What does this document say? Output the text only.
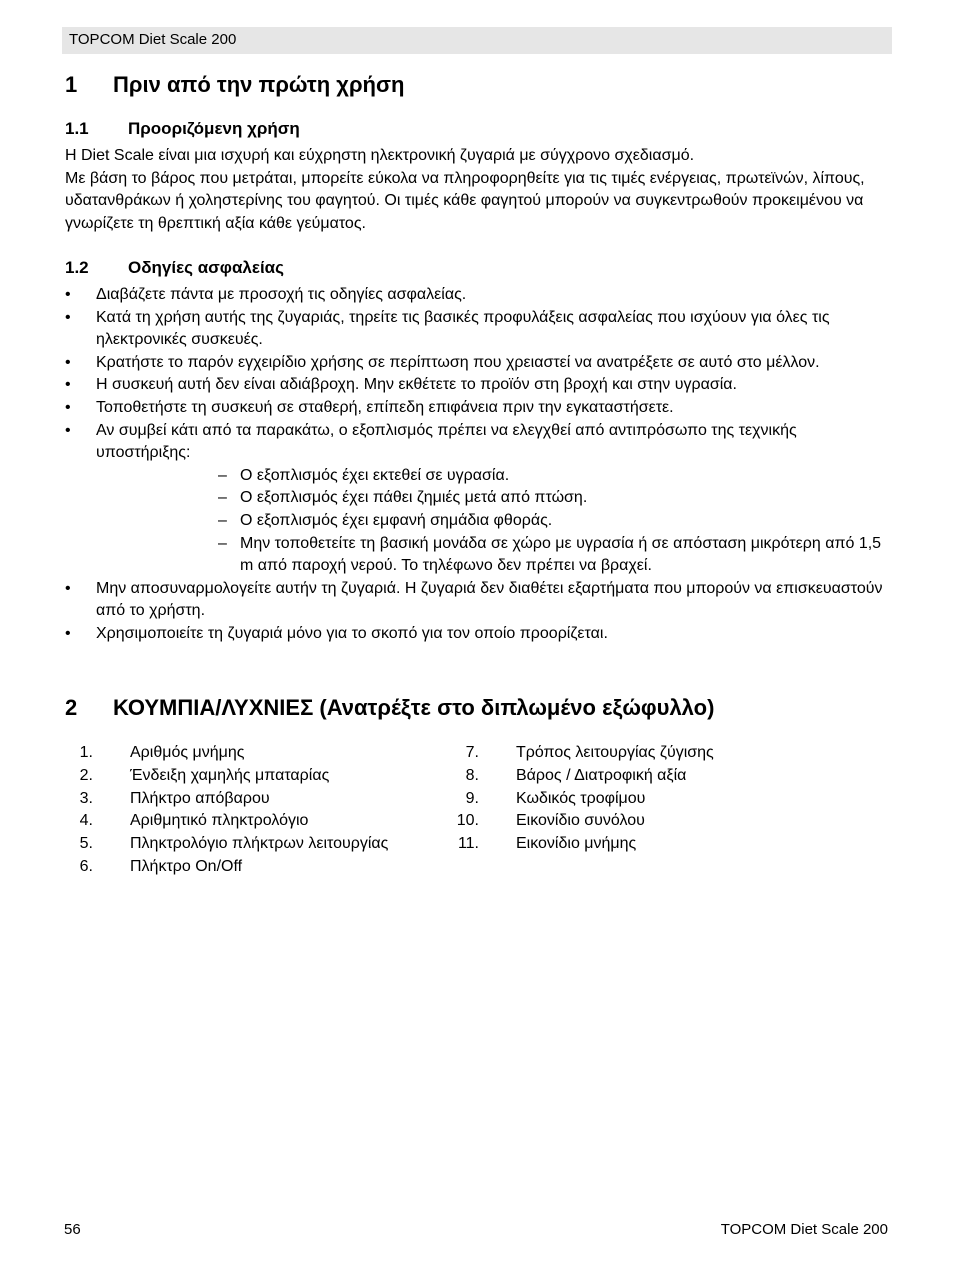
TOPCOM Diet Scale 200
1 Πριν από την πρώτη χρήση
1.1 Προοριζόμενη χρήση

Η Diet Scale είναι μια ισχυρή και εύχρηστη ηλεκτρονική ζυγαριά με σύγχρονο σχεδιασμό.
Με βάση το βάρος που μετράται, μπορείτε εύκολα να πληροφορηθείτε για τις τιμές ενέργειας, πρωτεϊνών, λίπους, υδατανθράκων ή χοληστερίνης του φαγητού. Οι τιμές κάθε φαγητού μπορούν να συγκεντρωθούν προκειμένου να γνωρίζετε τη θρεπτική αξία κάθε γεύματος.

1.2 Οδηγίες ασφαλείας
• Διαβάζετε πάντα με προσοχή τις οδηγίες ασφαλείας.
• Κατά τη χρήση αυτής της ζυγαριάς, τηρείτε τις βασικές προφυλάξεις ασφαλείας που ισχύουν για όλες τις ηλεκτρονικές συσκευές.
• Κρατήστε το παρόν εγχειρίδιο χρήσης σε περίπτωση που χρειαστεί να ανατρέξετε σε αυτό στο μέλλον.
• Η συσκευή αυτή δεν είναι αδιάβροχη. Μην εκθέτετε το προϊόν στη βροχή και στην υγρασία.
• Τοποθετήστε τη συσκευή σε σταθερή, επίπεδη επιφάνεια πριν την εγκαταστήσετε.
• Αν συμβεί κάτι από τα παρακάτω, ο εξοπλισμός πρέπει να ελεγχθεί από αντιπρόσωπο της τεχνικής υποστήριξης:
– Ο εξοπλισμός έχει εκτεθεί σε υγρασία.
– Ο εξοπλισμός έχει πάθει ζημιές μετά από πτώση.
– Ο εξοπλισμός έχει εμφανή σημάδια φθοράς.
– Μην τοποθετείτε τη βασική μονάδα σε χώρο με υγρασία ή σε απόσταση μικρότερη από 1,5 m από παροχή νερού. Το τηλέφωνο δεν πρέπει να βραχεί.
• Μην αποσυναρμολογείτε αυτήν τη ζυγαριά. Η ζυγαριά δεν διαθέτει εξαρτήματα που μπορούν να επισκευαστούν από το χρήστη.
• Χρησιμοποιείτε τη ζυγαριά μόνο για το σκοπό για τον οποίο προορίζεται.
2 ΚΟΥΜΠΙΑ/ΛΥΧΝΙΕΣ (Ανατρέξτε στο διπλωμένο εξώφυλλο)
1. Αριθμός μνήμης
2. Ένδειξη χαμηλής μπαταρίας
3. Πλήκτρο απόβαρου
4. Αριθμητικό πληκτρολόγιο
5. Πληκτρολόγιο πλήκτρων λειτουργίας
6. Πλήκτρο On/Off
7. Τρόπος λειτουργίας ζύγισης
8. Βάρος / Διατροφική αξία
9. Κωδικός τροφίμου
10. Εικονίδιο συνόλου
11. Εικονίδιο μνήμης
56	TOPCOM Diet Scale 200
